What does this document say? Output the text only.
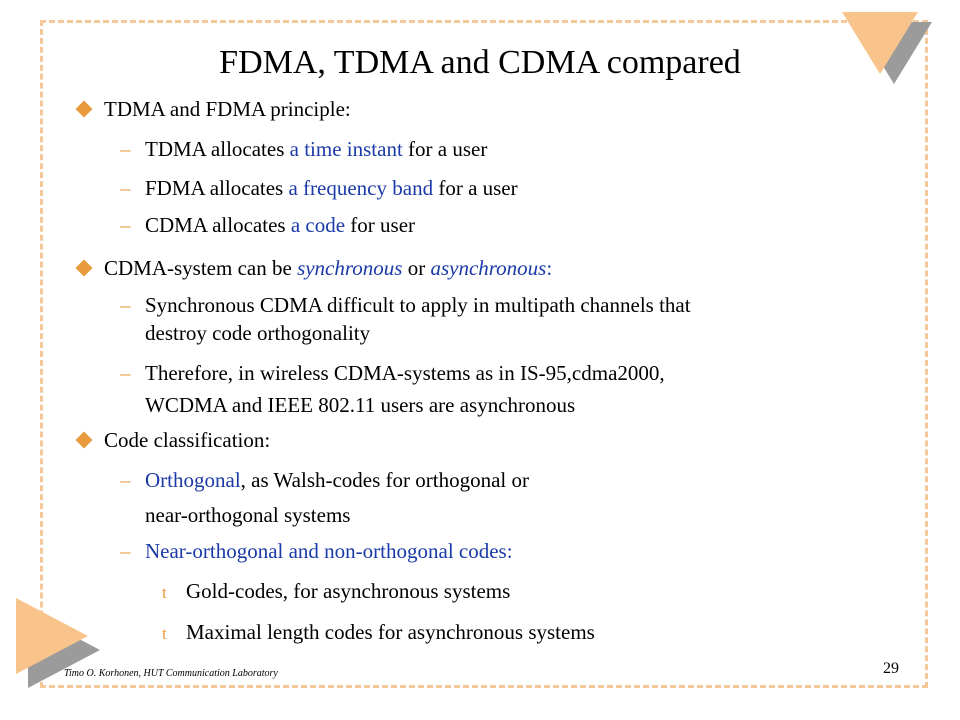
FDMA, TDMA and CDMA compared
TDMA and FDMA principle:
– TDMA allocates a time instant for a user
– FDMA allocates a frequency band for a user
– CDMA allocates a code for user
CDMA-system can be synchronous or asynchronous:
– Synchronous CDMA difficult to apply in multipath channels that
destroy code orthogonality
– Therefore, in wireless CDMA-systems as in IS-95,cdma2000,
WCDMA and IEEE 802.11 users are asynchronous
Code classification:
– Orthogonal, as Walsh-codes for orthogonal or
near-orthogonal systems
– Near-orthogonal and non-orthogonal codes:
t Gold-codes, for asynchronous systems
t Maximal length codes for asynchronous systems
Timo O. Korhonen, HUT Communication Laboratory	29
